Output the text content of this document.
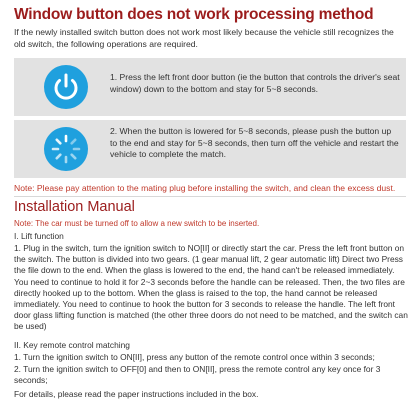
Window button does not work processing method
If the newly installed switch button does not work most likely because the vehicle still recognizes the old switch, the following operations are required.
1. Press the left front door button (ie the button that controls the driver's seat window) down to the bottom and stay for 5~8 seconds.
2. When the button is lowered for 5~8 seconds, please push the button up to the end and stay for 5~8 seconds, then turn off the vehicle and restart the vehicle to complete the match.
Note: Please pay attention to the mating plug before installing the switch, and clean the excess dust.
Installation Manual
Note: The car must be turned off to allow a new switch to be inserted.
I. Lift function
1. Plug in the switch, turn the ignition switch to NO[II] or directly start the car. Press the left front button on the switch. The button is divided into two gears. (1 gear manual lift, 2 gear automatic lift) Direct two Press the file down to the end. When the glass is lowered to the end, the hand can't be released immediately. You need to continue to hold it for 2~3 seconds before the handle can be released. Then, the two files are directly hooked up to the bottom. When the glass is raised to the top, the hand cannot be released immediately. You need to continue to hook the button for 3 seconds to release the handle. The left front door glass lifting function is matched (the other three doors do not need to be matched, and the switch can be used)
II. Key remote control matching
1. Turn the ignition switch to ON[II], press any button of the remote control once within 3 seconds;
2. Turn the ignition switch to OFF[0] and then to ON[II], press the remote control any key once for 3 seconds;
For details, please read the paper instructions included in the box.
